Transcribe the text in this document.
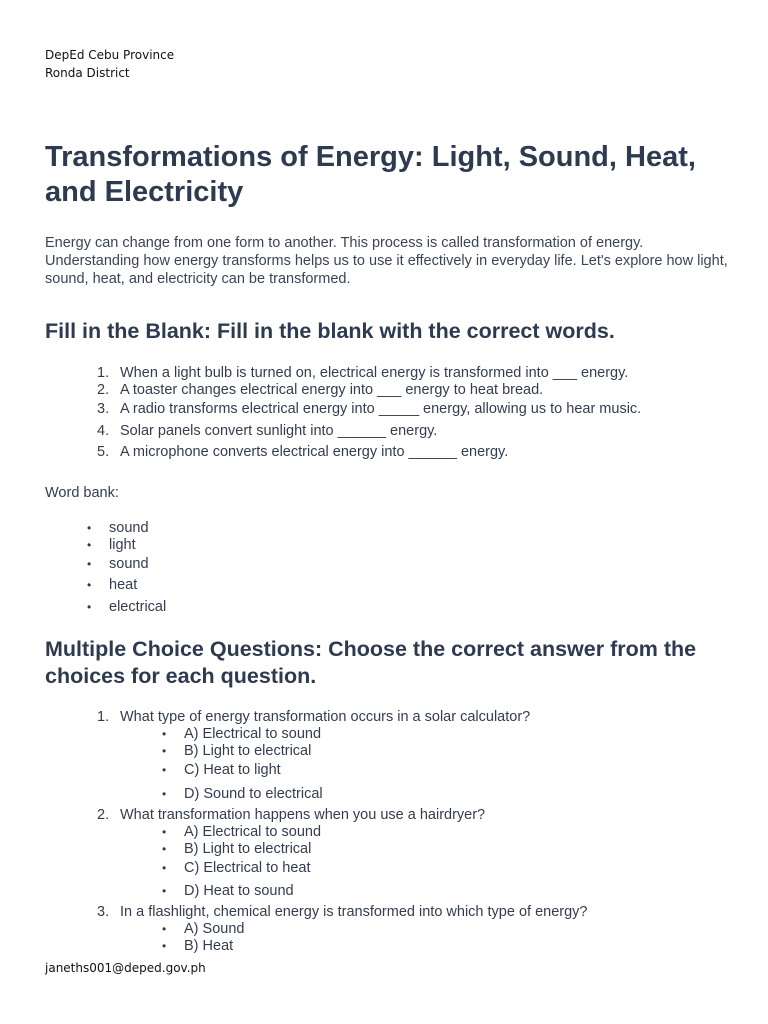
DepEd Cebu Province
Ronda District
Transformations of Energy: Light, Sound, Heat, and Electricity
Energy can change from one form to another. This process is called transformation of energy. Understanding how energy transforms helps us to use it effectively in everyday life. Let's explore how light, sound, heat, and electricity can be transformed.
Fill in the Blank: Fill in the blank with the correct words.
1. When a light bulb is turned on, electrical energy is transformed into ___ energy.
2. A toaster changes electrical energy into ___ energy to heat bread.
3. A radio transforms electrical energy into _____ energy, allowing us to hear music.
4. Solar panels convert sunlight into ______ energy.
5. A microphone converts electrical energy into ______ energy.
Word bank:
• sound
• light
• sound
• heat
• electrical
Multiple Choice Questions: Choose the correct answer from the choices for each question.
1. What type of energy transformation occurs in a solar calculator?
• A) Electrical to sound
• B) Light to electrical
• C) Heat to light
• D) Sound to electrical
2. What transformation happens when you use a hairdryer?
• A) Electrical to sound
• B) Light to electrical
• C) Electrical to heat
• D) Heat to sound
3. In a flashlight, chemical energy is transformed into which type of energy?
• A) Sound
• B) Heat
janeths001@deped.gov.ph
